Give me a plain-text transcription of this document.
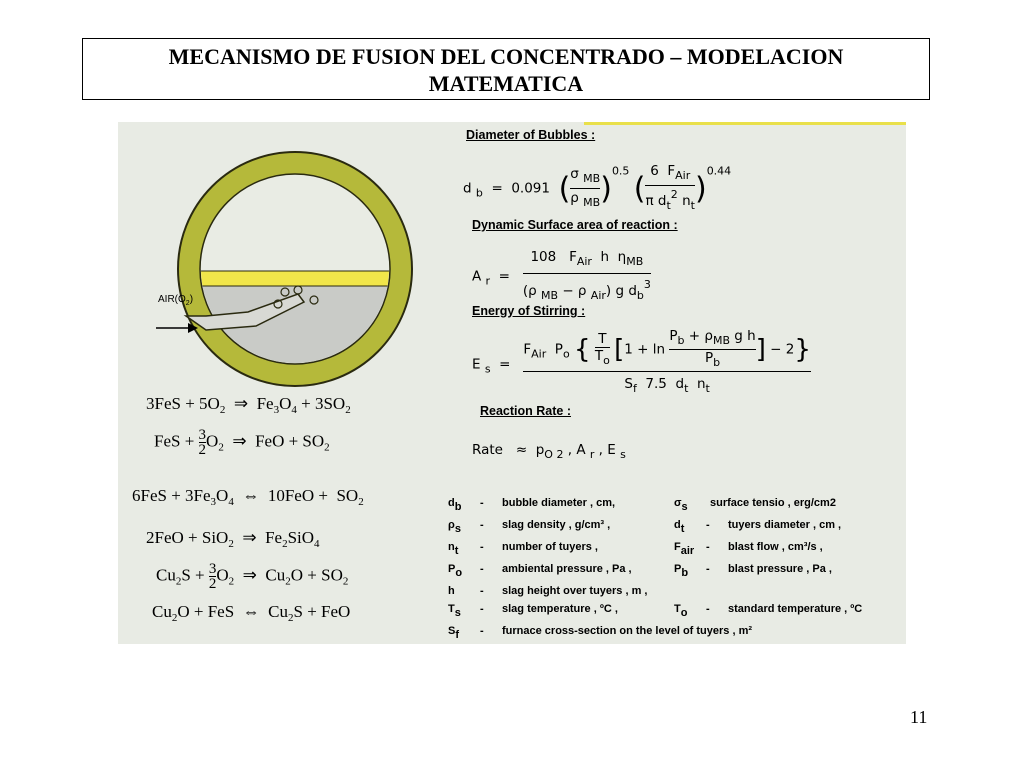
MECANISMO DE FUSION DEL CONCENTRADO – MODELACION
MATEMATICA
$AIR(O_2)$
$3FeS + 5O_2$  ⇒  $Fe_3O_4 + 3SO_2$
FeS + 3

2 $O_2$  ⇒  FeO + $SO_2$
$6FeS + 3Fe_3O_4$  ⇔  $10FeO + SO_2$
2FeO + SiO$_2$  ⇒  $Fe_2SiO_4$
$Cu_2S + 3$

2 $O_2$  ⇒  $Cu_2O + SO_2$
$Cu_2O$ + FeS  ⇔  $Cu_2S$ + FeO
Diameter of Bubbles :
d $_b$  =  0.091  (σ $_{MB}$

ρ $_{MB}$ )$^{0.5}$ (6  $F_{Air}$

π $d_t^2$ $n_t$ )$^{0.44}$
Dynamic Surface area of reaction :
A $_r$  =   108   $F_{Air}$  h  $\eta_{MB}$

(ρ $_{MB}$ − ρ $_{Air}$) g $d_b^3$
Energy of Stirring :
E $_s = F_{Air}$  $P_o$ { T

$T_o$ [$1 + \ln P_b + \rho_{MB}$ g h

$P_b$	] − 2}

$S_f$  7.5  $d_t$  $n_t$
Reaction Rate :
Rate   ≈  $p_{O 2}$ , A $_r$ , E $_s$
db - bubble diameter , cm,
ρs - slag density , g/cm³ ,
nt - number of tuyers ,
Po - ambiental pressure , Pa ,
h - slag height over tuyers , m ,
Ts - slag temperature , ºC ,
Sf - furnace cross-section on the level of tuyers , m²
σs surface tensio , erg/cm2
dt - tuyers diameter , cm ,
Fair - blast flow , cm³/s ,
Pb - blast pressure , Pa ,
To - standard temperature , ºC
11
